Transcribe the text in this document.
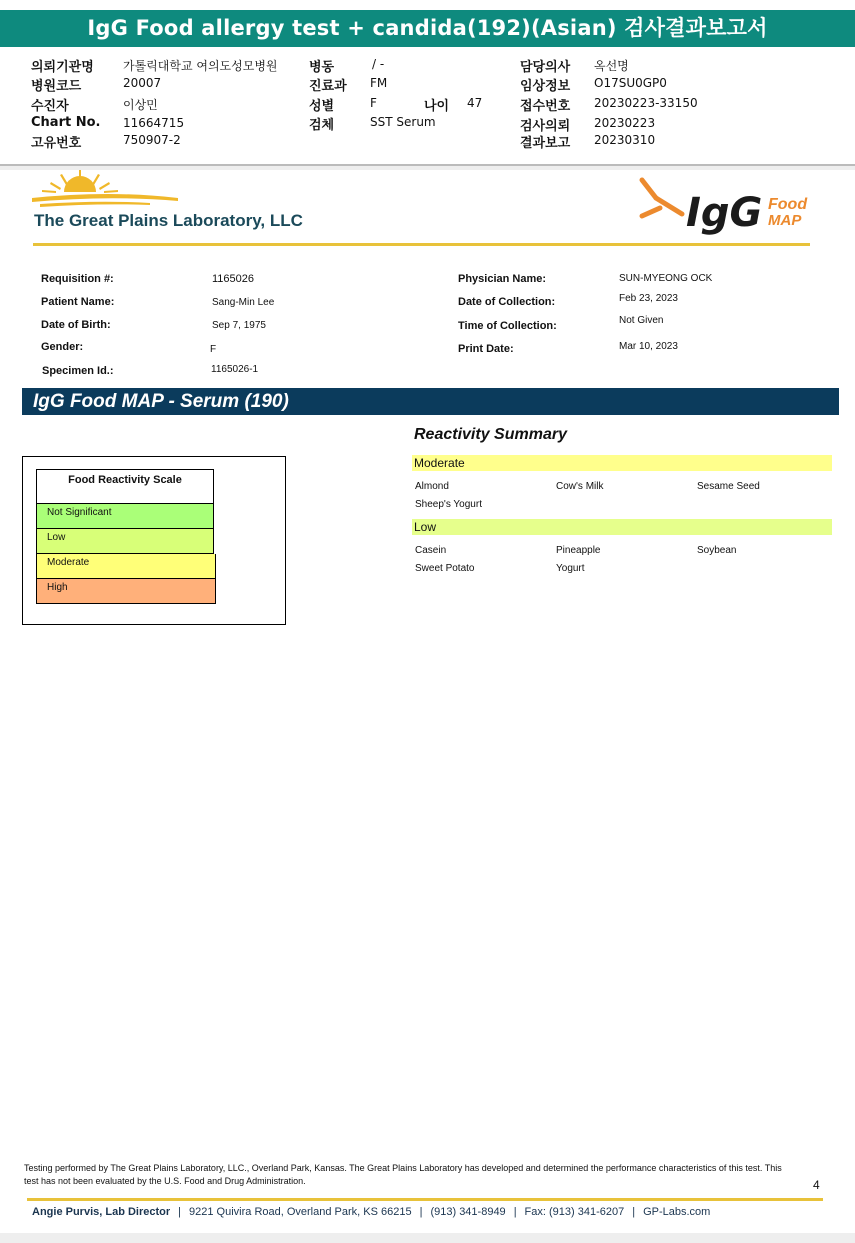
IgG Food allergy test + candida(192)(Asian) 검사결과보고서
의뢰기관명 가톨릭대학교 여의도성모병원
병원코드	20007
수진자	이상민
Chart No. 11664715
고유번호	750907-2
병동	/ -
진료과 FM
성별	F	나이 47
검체	SST Serum
담당의사 옥선명
임상정보 O17SU0GP0
접수번호 20230223-33150
검사의뢰 20230223
결과보고 20230310
The Great Plains Laboratory, LLC	IgG Food
MAP
Requisition #:	1165026
Patient Name:	Sang-Min Lee
Date of Birth:	Sep 7, 1975
Gender:	F
Specimen Id.:	1165026-1
Physician Name:	SUN-MYEONG OCK
Date of Collection:	Feb 23, 2023
Time of Collection:	Not Given
Print Date:	Mar 10, 2023
IgG Food MAP - Serum (190)
Food Reactivity Scale
Not Significant
Low
Moderate
High
Reactivity Summary
Moderate
Almond	Cow's Milk	Sesame Seed
Sheep's Yogurt
Low
Casein	Pineapple	Soybean
Sweet Potato	Yogurt
Testing performed by The Great Plains Laboratory, LLC., Overland Park, Kansas. The Great Plains Laboratory has developed and determined the performance characteristics of this test. This test has not been evaluated by the U.S. Food and Drug Administration.	4
Angie Purvis, Lab Director | 9221 Quivira Road, Overland Park, KS 66215 | (913) 341-8949 | Fax: (913) 341-6207 | GP-Labs.com
